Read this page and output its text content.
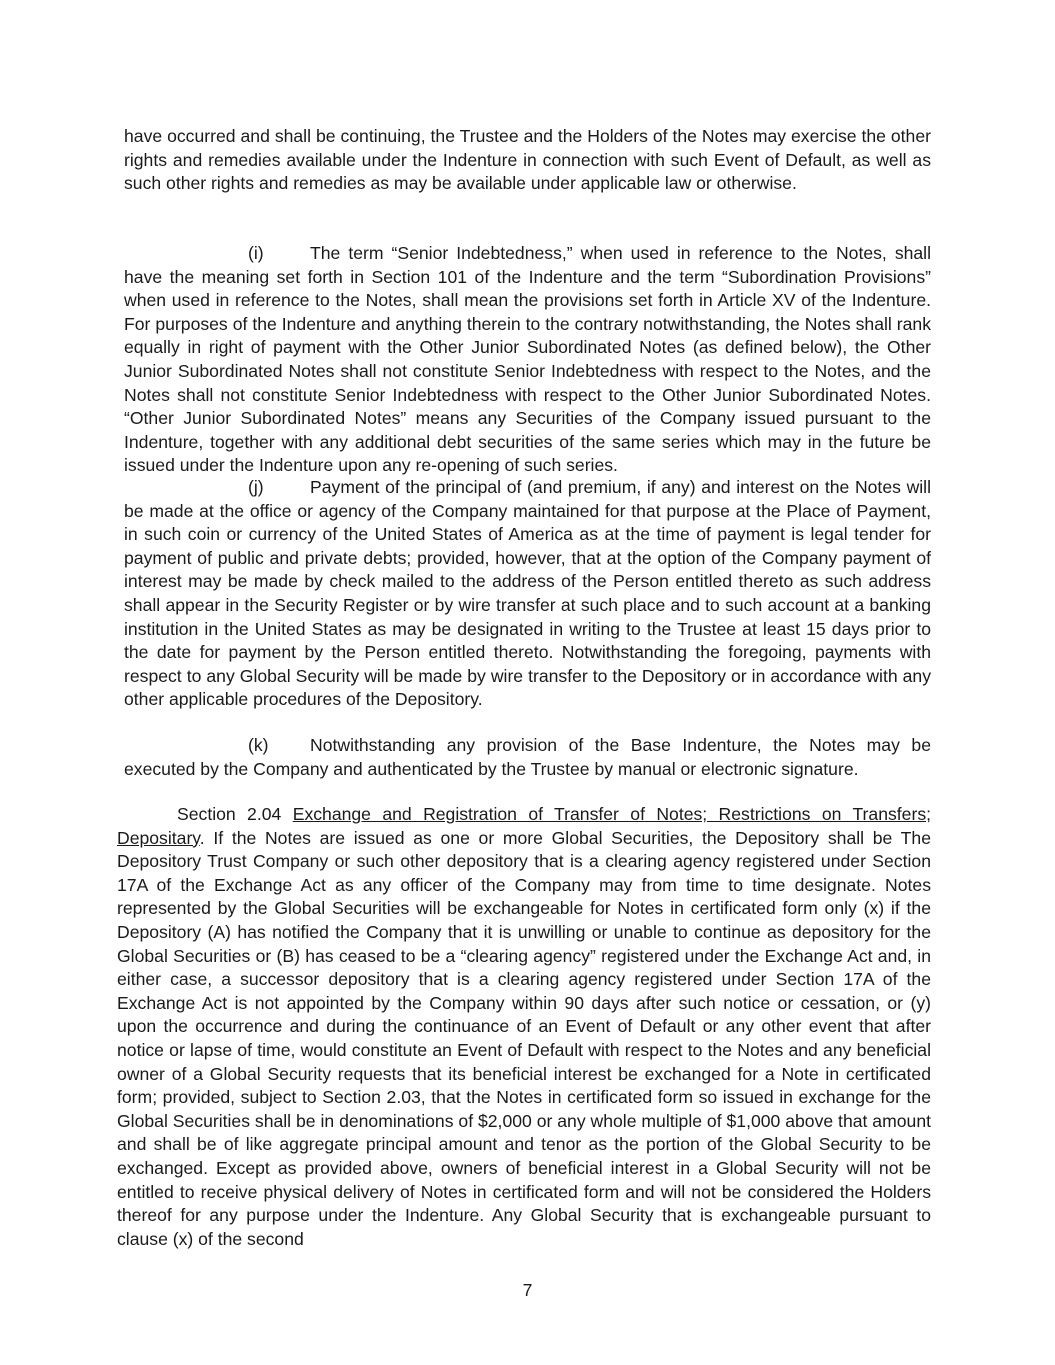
have occurred and shall be continuing, the Trustee and the Holders of the Notes may exercise the other rights and remedies available under the Indenture in connection with such Event of Default, as well as such other rights and remedies as may be available under applicable law or otherwise.

(i)	The term “Senior Indebtedness,” when used in reference to the Notes, shall have the meaning set forth in Section 101 of the Indenture and the term “Subordination Provisions” when used in reference to the Notes, shall mean the provisions set forth in Article XV of the Indenture. For purposes of the Indenture and anything therein to the contrary notwithstanding, the Notes shall rank equally in right of payment with the Other Junior Subordinated Notes (as defined below), the Other Junior Subordinated Notes shall not constitute Senior Indebtedness with respect to the Notes, and the Notes shall not constitute Senior Indebtedness with respect to the Other Junior Subordinated Notes. “Other Junior Subordinated Notes” means any Securities of the Company issued pursuant to the Indenture, together with any additional debt securities of the same series which may in the future be issued under the Indenture upon any re-opening of such series.

(j)	Payment of the principal of (and premium, if any) and interest on the Notes will be made at the office or agency of the Company maintained for that purpose at the Place of Payment, in such coin or currency of the United States of America as at the time of payment is legal tender for payment of public and private debts; provided, however, that at the option of the Company payment of interest may be made by check mailed to the address of the Person entitled thereto as such address shall appear in the Security Register or by wire transfer at such place and to such account at a banking institution in the United States as may be designated in writing to the Trustee at least 15 days prior to the date for payment by the Person entitled thereto. Notwithstanding the foregoing, payments with respect to any Global Security will be made by wire transfer to the Depository or in accordance with any other applicable procedures of the Depository.

(k) Notwithstanding any provision of the Base Indenture, the Notes may be executed by the Company and authenticated by the Trustee by manual or electronic signature.

Section 2.04 Exchange and Registration of Transfer of Notes; Restrictions on Transfers; Depositary. If the Notes are issued as one or more Global Securities, the Depository shall be The Depository Trust Company or such other depository that is a clearing agency registered under Section 17A of the Exchange Act as any officer of the Company may from time to time designate. Notes represented by the Global Securities will be exchangeable for Notes in certificated form only (x) if the Depository (A) has notified the Company that it is unwilling or unable to continue as depository for the Global Securities or (B) has ceased to be a “clearing agency” registered under the Exchange Act and, in either case, a successor depository that is a clearing agency registered under Section 17A of the Exchange Act is not appointed by the Company within 90 days after such notice or cessation, or (y) upon the occurrence and during the continuance of an Event of Default or any other event that after notice or lapse of time, would constitute an Event of Default with respect to the Notes and any beneficial owner of a Global Security requests that its beneficial interest be exchanged for a Note in certificated form; provided, subject to Section 2.03, that the Notes in certificated form so issued in exchange for the Global Securities shall be in denominations of $2,000 or any whole multiple of $1,000 above that amount and shall be of like aggregate principal amount and tenor as the portion of the Global Security to be exchanged. Except as provided above, owners of beneficial interest in a Global Security will not be entitled to receive physical delivery of Notes in certificated form and will not be considered the Holders thereof for any purpose under the Indenture. Any Global Security that is exchangeable pursuant to clause (x) of the second

7
